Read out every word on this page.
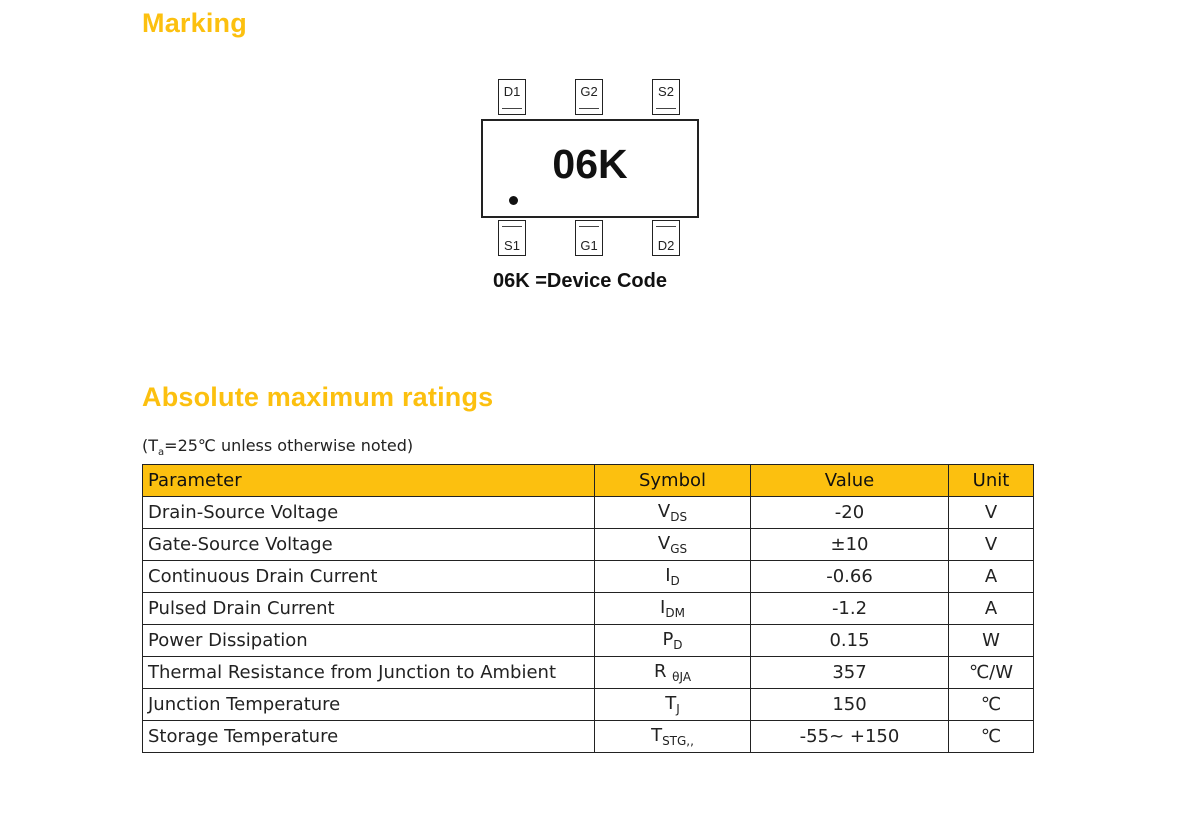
Marking
D1	G2	S2
06K
S1	G1	D2
06K =Device Code
Absolute maximum ratings
($T_a=25℃$ unless otherwise noted)
Parameter	Symbol	Value	Unit
Drain-Source Voltage	$V_{DS}$	-20	V
Gate-Source Voltage	$V_{GS}$	±10	V
Continuous Drain Current	$I_D$	-0.66	A
Pulsed Drain Current	$I_{DM}$	-1.2	A
Power Dissipation	$P_D$	0.15	W
Thermal Resistance from Junction to Ambient	R $_{\theta JA}$	357	℃/W
Junction Temperature	$T_J$	150	℃
Storage Temperature	$T_{STG,,}$	-55~ +150	℃
